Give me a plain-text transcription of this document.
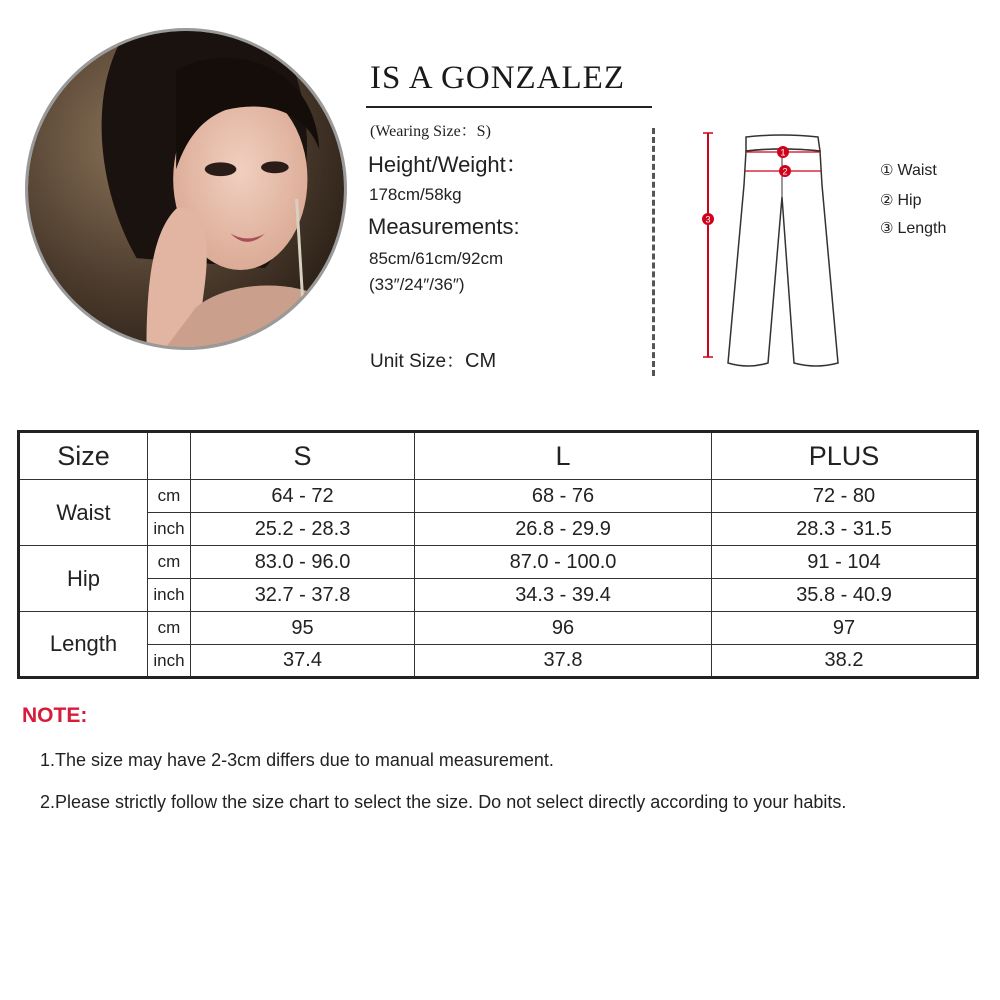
IS A GONZALEZ
(Wearing Size：S)
Height/Weight：
178cm/58kg
Measurements:
85cm/61cm/92cm
(33″/24″/36″)
Unit Size：CM
1
2
3
① Waist
② Hip
③ Length
Size		S	L	PLUS
Waist	cm	64 - 72	68 - 76	72 - 80
	inch	25.2 - 28.3	26.8 - 29.9	28.3 - 31.5
Hip	cm	83.0 - 96.0	87.0 - 100.0	91 - 104
	inch	32.7 - 37.8	34.3 - 39.4	35.8 - 40.9
Length	cm	95	96	97
	inch	37.4	37.8	38.2
NOTE:
1.The size may have 2-3cm differs due to manual measurement.
2.Please strictly follow the size chart to select the size. Do not select directly according to your habits.
